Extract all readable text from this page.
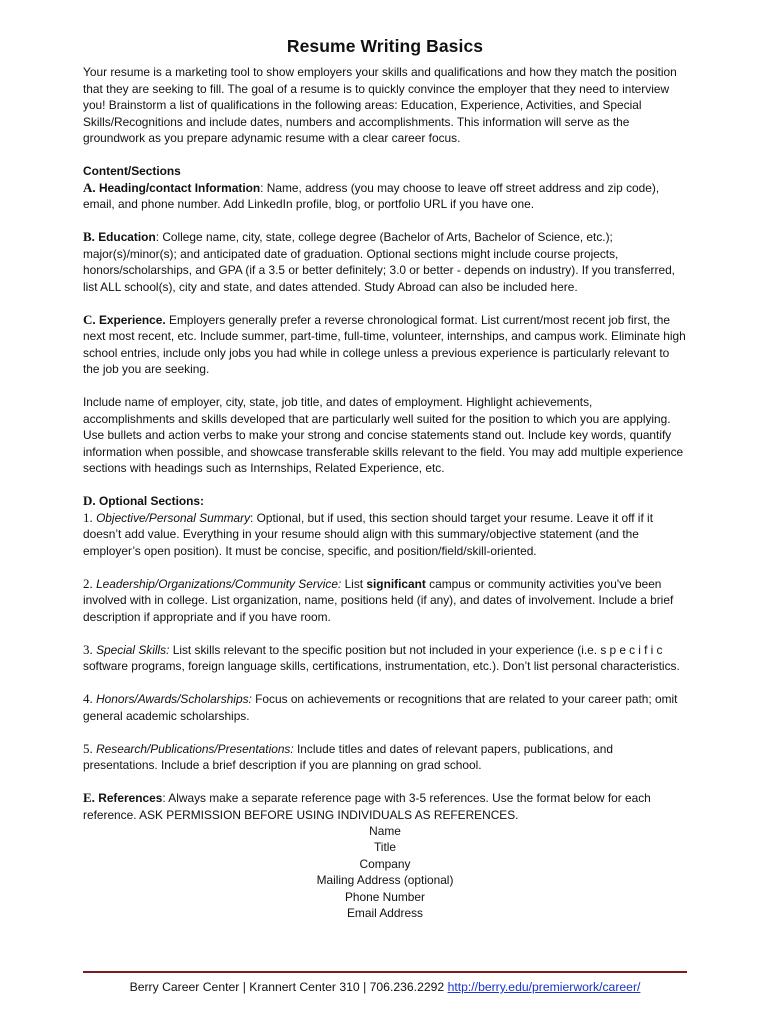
Resume Writing Basics

Your resume is a marketing tool to show employers your skills and qualifications and how they match the position that they are seeking to fill. The goal of a resume is to quickly convince the employer that they need to interview you! Brainstorm a list of qualifications in the following areas: Education, Experience, Activities, and Special Skills/Recognitions and include dates, numbers and accomplishments. This information will serve as the groundwork as you prepare adynamic resume with a clear career focus.

Content/Sections
A. Heading/contact Information: Name, address (you may choose to leave off street address and zip code), email, and phone number. Add LinkedIn profile, blog, or portfolio URL if you have one.

B. Education: College name, city, state, college degree (Bachelor of Arts, Bachelor of Science, etc.); major(s)/minor(s); and anticipated date of graduation. Optional sections might include course projects, honors/scholarships, and GPA (if a 3.5 or better definitely; 3.0 or better - depends on industry). If you transferred, list ALL school(s), city and state, and dates attended. Study Abroad can also be included here.

C. Experience. Employers generally prefer a reverse chronological format. List current/most recent job first, the next most recent, etc. Include summer, part-time, full-time, volunteer, internships, and campus work. Eliminate high school entries, include only jobs you had while in college unless a previous experience is particularly relevant to the job you are seeking.

Include name of employer, city, state, job title, and dates of employment. Highlight achievements, accomplishments and skills developed that are particularly well suited for the position to which you are applying. Use bullets and action verbs to make your strong and concise statements stand out. Include key words, quantify information when possible, and showcase transferable skills relevant to the field. You may add multiple experience sections with headings such as Internships, Related Experience, etc.

D. Optional Sections:
1. Objective/Personal Summary: Optional, but if used, this section should target your resume. Leave it off if it doesn’t add value. Everything in your resume should align with this summary/objective statement (and the employer’s open position). It must be concise, specific, and position/field/skill-oriented.

2. Leadership/Organizations/Community Service: List significant campus or community activities you've been involved with in college. List organization, name, positions held (if any), and dates of involvement. Include a brief description if appropriate and if you have room.

3. Special Skills: List skills relevant to the specific position but not included in your experience (i.e. specific software programs, foreign language skills, certifications, instrumentation, etc.). Don’t list personal characteristics.

4. Honors/Awards/Scholarships: Focus on achievements or recognitions that are related to your career path; omit general academic scholarships.

5. Research/Publications/Presentations: Include titles and dates of relevant papers, publications, and presentations. Include a brief description if you are planning on grad school.

E. References: Always make a separate reference page with 3-5 references. Use the format below for each reference. ASK PERMISSION BEFORE USING INDIVIDUALS AS REFERENCES.

Name
Title
Company
Mailing Address (optional)
Phone Number
Email Address
Berry Career Center | Krannert Center 310 | 706.236.2292 http://berry.edu/premierwork/career/
